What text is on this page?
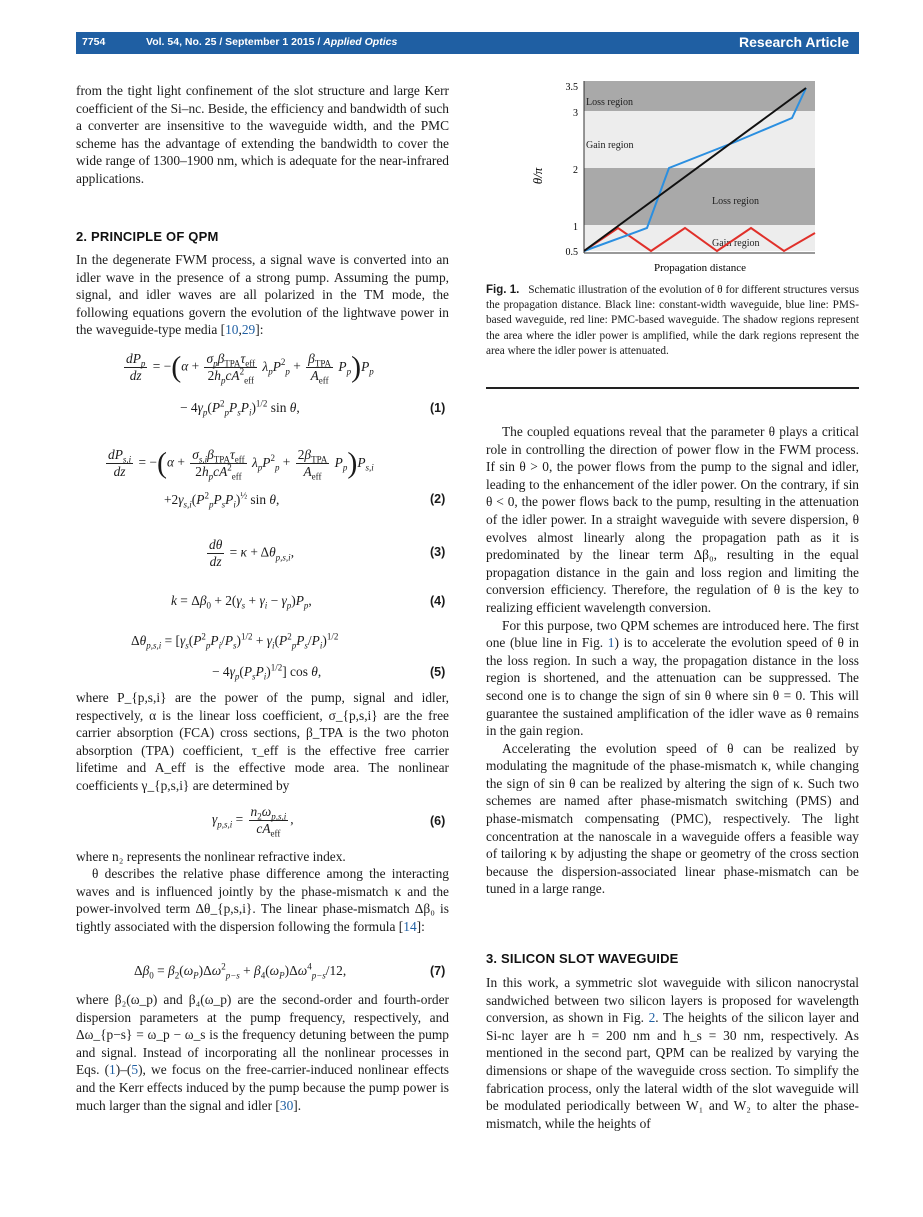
7754	Vol. 54, No. 25 / September 1 2015 / Applied Optics	Research Article

from the tight light confinement of the slot structure and large Kerr coefficient of the Si–nc. Beside, the efficiency and bandwidth of such a converter are insensitive to the waveguide width, and the PMC scheme has the advantage of extending the bandwidth to cover the wide range of 1300–1900 nm, which is adequate for the near-infrared applications.

2. PRINCIPLE OF QPM

In the degenerate FWM process, a signal wave is converted into an idler wave in the presence of a strong pump. Assuming the pump, signal, and idler waves are all polarized in the TM mode, the following equations govern the evolution of the lightwave power in the waveguide-type media [10,29]:

$\frac{dP_p}{dz} = -(\alpha + \frac{\sigma_p\beta_{TPA}\tau_{eff}}{2h_pcA^2_{eff}} \lambda_pP^2_p + \frac{\beta_{TPA}}{A_{eff}} P_p)P_p$
− $4\gamma_p(P^2_pP_sP_i)^{1/2}$ sin θ,	(1)
$\frac{dP_{s,i}}{dz} = -(\alpha + \frac{\sigma_{s,i}\beta_{TPA}\tau_{eff}}{2h_pcA^2_{eff}} \lambda_pP^2_p + \frac{2\beta_{TPA}}{A_{eff}} P_p)P_{s,i}$
$+2\gamma_{s,i}(P^2_pP_sP_i)^{\frac{1}{2}}$ sin θ,	(2)
$\frac{d\theta}{dz} = \kappa + \Delta\theta_{p,s,i}$,	(3)
$k = \Delta\beta_0 + 2(\gamma_s + \gamma_i - \gamma_p)P_p$,	(4)
$\Delta\theta_{p,s,i} = [\gamma_s(P^2_pP_i/P_s)^{1/2} + \gamma_i(P^2_pP_s/P_i)^{1/2}$
− $4\gamma_p(P_sP_i)^{1/2}$] cos θ,	(5)

where P_{p,s,i} are the power of the pump, signal and idler, respectively, α is the linear loss coefficient, σ_{p,s,i} are the free carrier absorption (FCA) cross sections, β_TPA is the two photon absorption (TPA) coefficient, τ_eff is the effective free carrier lifetime and A_eff is the effective mode area. The nonlinear coefficients γ_{p,s,i} are determined by

$\gamma_{p,s,i} = \frac{n_2\omega_{p,s,i}}{cA_{eff}}$ ,	(6)

where n₂ represents the nonlinear refractive index.

θ describes the relative phase difference among the interacting waves and is influenced jointly by the phase-mismatch κ and the power-involved term Δθ_{p,s,i}. The linear phase-mismatch Δβ₀ is tightly associated with the dispersion following the formula [14]:

$\Delta\beta_0 = \beta_2(\omega_P)\Delta\omega^2_{p-s} + \beta_4(\omega_P)\Delta\omega^4_{p-s}/12$,	(7)

where β₂(ω_p) and β₄(ω_p) are the second-order and fourth-order dispersion parameters at the pump frequency, respectively, and Δω_{p−s} = ω_p − ω_s is the frequency detuning between the pump and signal. Instead of incorporating all the nonlinear processes in Eqs. (1)–(5), we focus on the free-carrier-induced nonlinear effects and the Kerr effects induced by the pump because the pump power is much larger than the signal and idler [30].

Loss region
Gain region
Loss region
Gain region
0.5
1
2
3
3.5
θ/π
Propagation distance
Fig. 1. Schematic illustration of the evolution of θ for different structures versus the propagation distance. Black line: constant-width waveguide, blue line: PMS-based waveguide, red line: PMC-based waveguide. The shadow regions represent the area where the idler power is amplified, while the dark regions represent the area where the idler power is attenuated.

The coupled equations reveal that the parameter θ plays a critical role in controlling the direction of power flow in the FWM process. If sin θ > 0, the power flows from the pump to the signal and idler, leading to the enhancement of the idler power. On the contrary, if sin θ < 0, the power flows back to the pump, resulting in the attenuation of the idler power. In a straight waveguide with severe dispersion, θ evolves almost linearly along the propagation path as it is predominated by the linear term Δβ₀, resulting in the equal propagation distance in the gain and loss region and limiting the conversion efficiency. Therefore, the regulation of θ is the key to realizing efficient wavelength conversion.

For this purpose, two QPM schemes are introduced here. The first one (blue line in Fig. 1) is to accelerate the evolution speed of θ in the loss region. In such a way, the propagation distance in the loss region is shortened, and the attenuation can be suppressed. The second one is to change the sign of sin θ where sin θ = 0. This will guarantee the sustained amplification of the idler wave as θ remains in the gain region.

Accelerating the evolution speed of θ can be realized by modulating the magnitude of the phase-mismatch κ, while changing the sign of sin θ can be realized by altering the sign of κ. Such two schemes are named after phase-mismatch switching (PMS) and phase-mismatch compensating (PMC), respectively. The light concentration at the nanoscale in a waveguide offers a feasible way of tailoring κ by adjusting the shape or geometry of the cross section because the dispersion-associated linear phase-mismatch can be tuned in a large range.

3. SILICON SLOT WAVEGUIDE

In this work, a symmetric slot waveguide with silicon nanocrystal sandwiched between two silicon layers is proposed for wavelength conversion, as shown in Fig. 2. The heights of the silicon layer and Si-nc layer are h = 200 nm and h_s = 30 nm, respectively. As mentioned in the second part, QPM can be realized by varying the dimensions or shape of the waveguide cross section. To simplify the fabrication process, only the lateral width of the slot waveguide will be modulated periodically between W₁ and W₂ to alter the phase-mismatch, while the heights of
